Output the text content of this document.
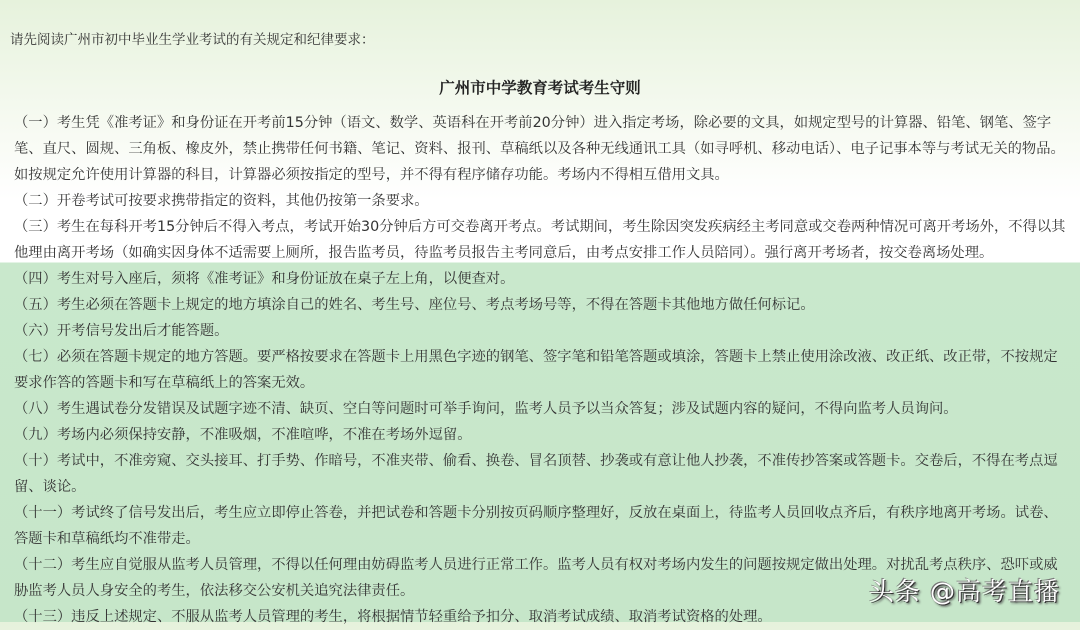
请先阅读广州市初中毕业生学业考试的有关规定和纪律要求：
广州市中学教育考试考生守则

（一）考生凭《准考证》和身份证在开考前15分钟（语文、数学、英语科在开考前20分钟）进入指定考场，除必要的文具，如规定型号的计算器、铅笔、钢笔、签字笔、直尺、圆规、三角板、橡皮外，禁止携带任何书籍、笔记、资料、报刊、草稿纸以及各种无线通讯工具（如寻呼机、移动电话）、电子记事本等与考试无关的物品。如按规定允许使用计算器的科目，计算器必须按指定的型号，并不得有程序储存功能。考场内不得相互借用文具。

（二）开卷考试可按要求携带指定的资料，其他仍按第一条要求。

（三）考生在每科开考15分钟后不得入考点，考试开始30分钟后方可交卷离开考点。考试期间，考生除因突发疾病经主考同意或交卷两种情况可离开考场外，不得以其他理由离开考场（如确实因身体不适需要上厕所，报告监考员，待监考员报告主考同意后，由考点安排工作人员陪同）。强行离开考场者，按交卷离场处理。

（四）考生对号入座后，须将《准考证》和身份证放在桌子左上角，以便查对。

（五）考生必须在答题卡上规定的地方填涂自己的姓名、考生号、座位号、考点考场号等，不得在答题卡其他地方做任何标记。

（六）开考信号发出后才能答题。

（七）必须在答题卡规定的地方答题。要严格按要求在答题卡上用黑色字迹的钢笔、签字笔和铅笔答题或填涂，答题卡上禁止使用涂改液、改正纸、改正带，不按规定要求作答的答题卡和写在草稿纸上的答案无效。

（八）考生遇试卷分发错误及试题字迹不清、缺页、空白等问题时可举手询问，监考人员予以当众答复；涉及试题内容的疑问，不得向监考人员询问。

（九）考场内必须保持安静，不准吸烟，不准喧哗，不准在考场外逗留。

（十）考试中，不准旁窥、交头接耳、打手势、作暗号，不准夹带、偷看、换卷、冒名顶替、抄袭或有意让他人抄袭，不准传抄答案或答题卡。交卷后，不得在考点逗留、谈论。

（十一）考试终了信号发出后，考生应立即停止答卷，并把试卷和答题卡分别按页码顺序整理好，反放在桌面上，待监考人员回收点齐后，有秩序地离开考场。试卷、答题卡和草稿纸均不准带走。

（十二）考生应自觉服从监考人员管理，不得以任何理由妨碍监考人员进行正常工作。监考人员有权对考场内发生的问题按规定做出处理。对扰乱考点秩序、恐吓或威胁监考人员人身安全的考生，依法移交公安机关追究法律责任。

（十三）违反上述规定、不服从监考人员管理的考生，将根据情节轻重给予扣分、取消考试成绩、取消考试资格的处理。

头条 @高考直播
